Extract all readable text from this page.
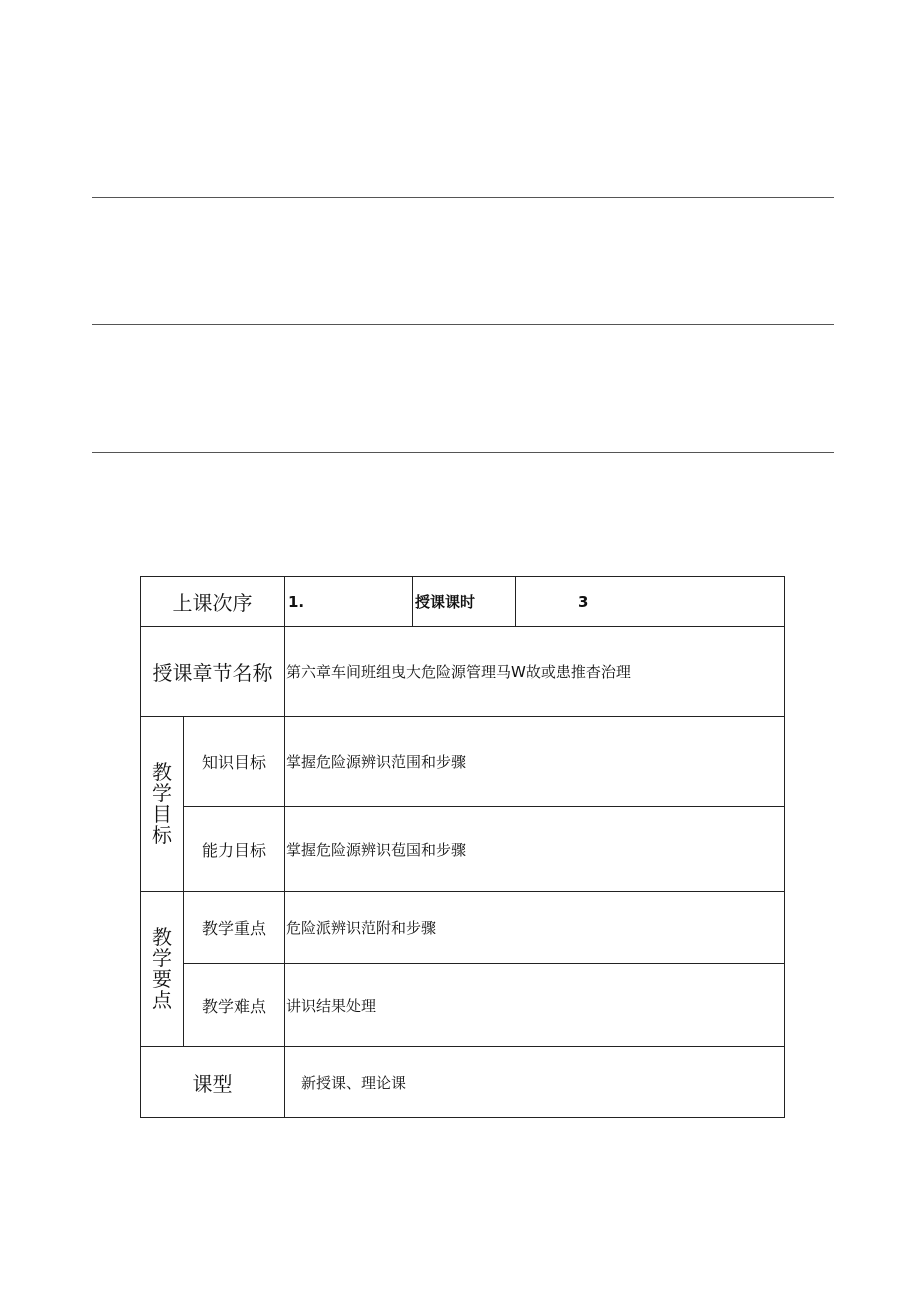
上课次序 1.	授课课时	3
授课章节名称 第六章车间班组曳大危险源管理马W故或患推杳治理
教
学
目
标
知识目标 掌握危险源辨识范围和步骤
能力目标 掌握危险源辨识苞国和步骤
教
学
要
点
教学重点 危险派辨识范附和步骤
教学难点 讲识结果处理
课型	新授课、理论课
